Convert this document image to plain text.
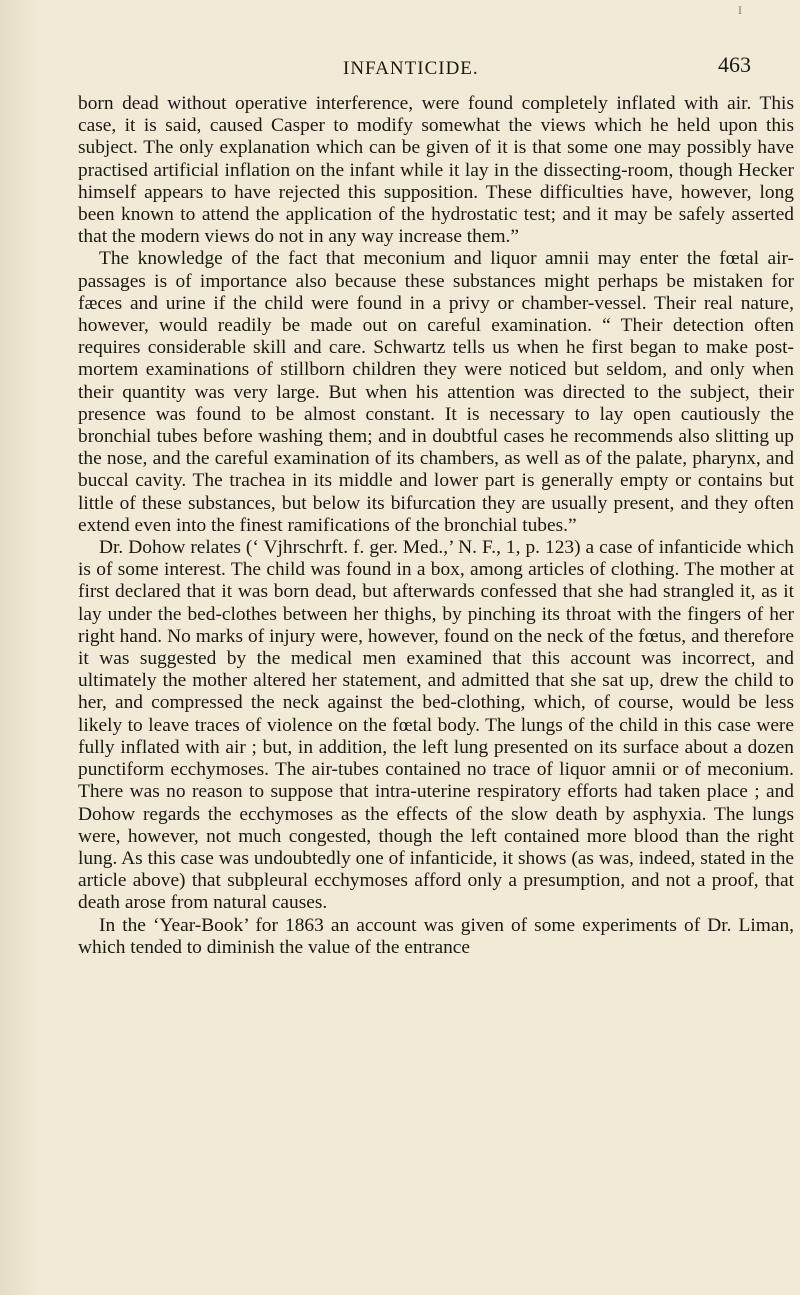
I
INFANTICIDE.	463

born dead without operative interference, were found completely inflated with air. This case, it is said, caused Casper to modify somewhat the views which he held upon this subject. The only explanation which can be given of it is that some one may possibly have practised artificial inflation on the infant while it lay in the dissecting-room, though Hecker himself appears to have rejected this supposition. These difficulties have, however, long been known to attend the application of the hydrostatic test; and it may be safely asserted that the modern views do not in any way increase them.”

The knowledge of the fact that meconium and liquor amnii may enter the fœtal air-passages is of importance also because these substances might perhaps be mistaken for fæces and urine if the child were found in a privy or chamber-vessel. Their real nature, however, would readily be made out on careful examination. “ Their detection often requires considerable skill and care. Schwartz tells us when he first began to make post-mortem examinations of stillborn children they were noticed but seldom, and only when their quantity was very large. But when his attention was directed to the subject, their presence was found to be almost constant. It is necessary to lay open cautiously the bronchial tubes before washing them; and in doubtful cases he recommends also slitting up the nose, and the careful examination of its chambers, as well as of the palate, pharynx, and buccal cavity. The trachea in its middle and lower part is generally empty or contains but little of these substances, but below its bifurcation they are usually present, and they often extend even into the finest ramifications of the bronchial tubes.”

Dr. Dohow relates (‘ Vjhrschrft. f. ger. Med.,’ N. F., 1, p. 123) a case of infanticide which is of some interest. The child was found in a box, among articles of clothing. The mother at first declared that it was born dead, but afterwards confessed that she had strangled it, as it lay under the bed-clothes between her thighs, by pinching its throat with the fingers of her right hand. No marks of injury were, however, found on the neck of the fœtus, and therefore it was suggested by the medical men examined that this account was incorrect, and ultimately the mother altered her statement, and admitted that she sat up, drew the child to her, and compressed the neck against the bed-clothing, which, of course, would be less likely to leave traces of violence on the fœtal body. The lungs of the child in this case were fully inflated with air ; but, in addition, the left lung presented on its surface about a dozen punctiform ecchymoses. The air-tubes contained no trace of liquor amnii or of meconium. There was no reason to suppose that intra-uterine respiratory efforts had taken place ; and Dohow regards the ecchymoses as the effects of the slow death by asphyxia. The lungs were, however, not much congested, though the left contained more blood than the right lung. As this case was undoubtedly one of infanticide, it shows (as was, indeed, stated in the article above) that subpleural ecchymoses afford only a presumption, and not a proof, that death arose from natural causes.

In the ‘Year-Book’ for 1863 an account was given of some experiments of Dr. Liman, which tended to diminish the value of the entrance
